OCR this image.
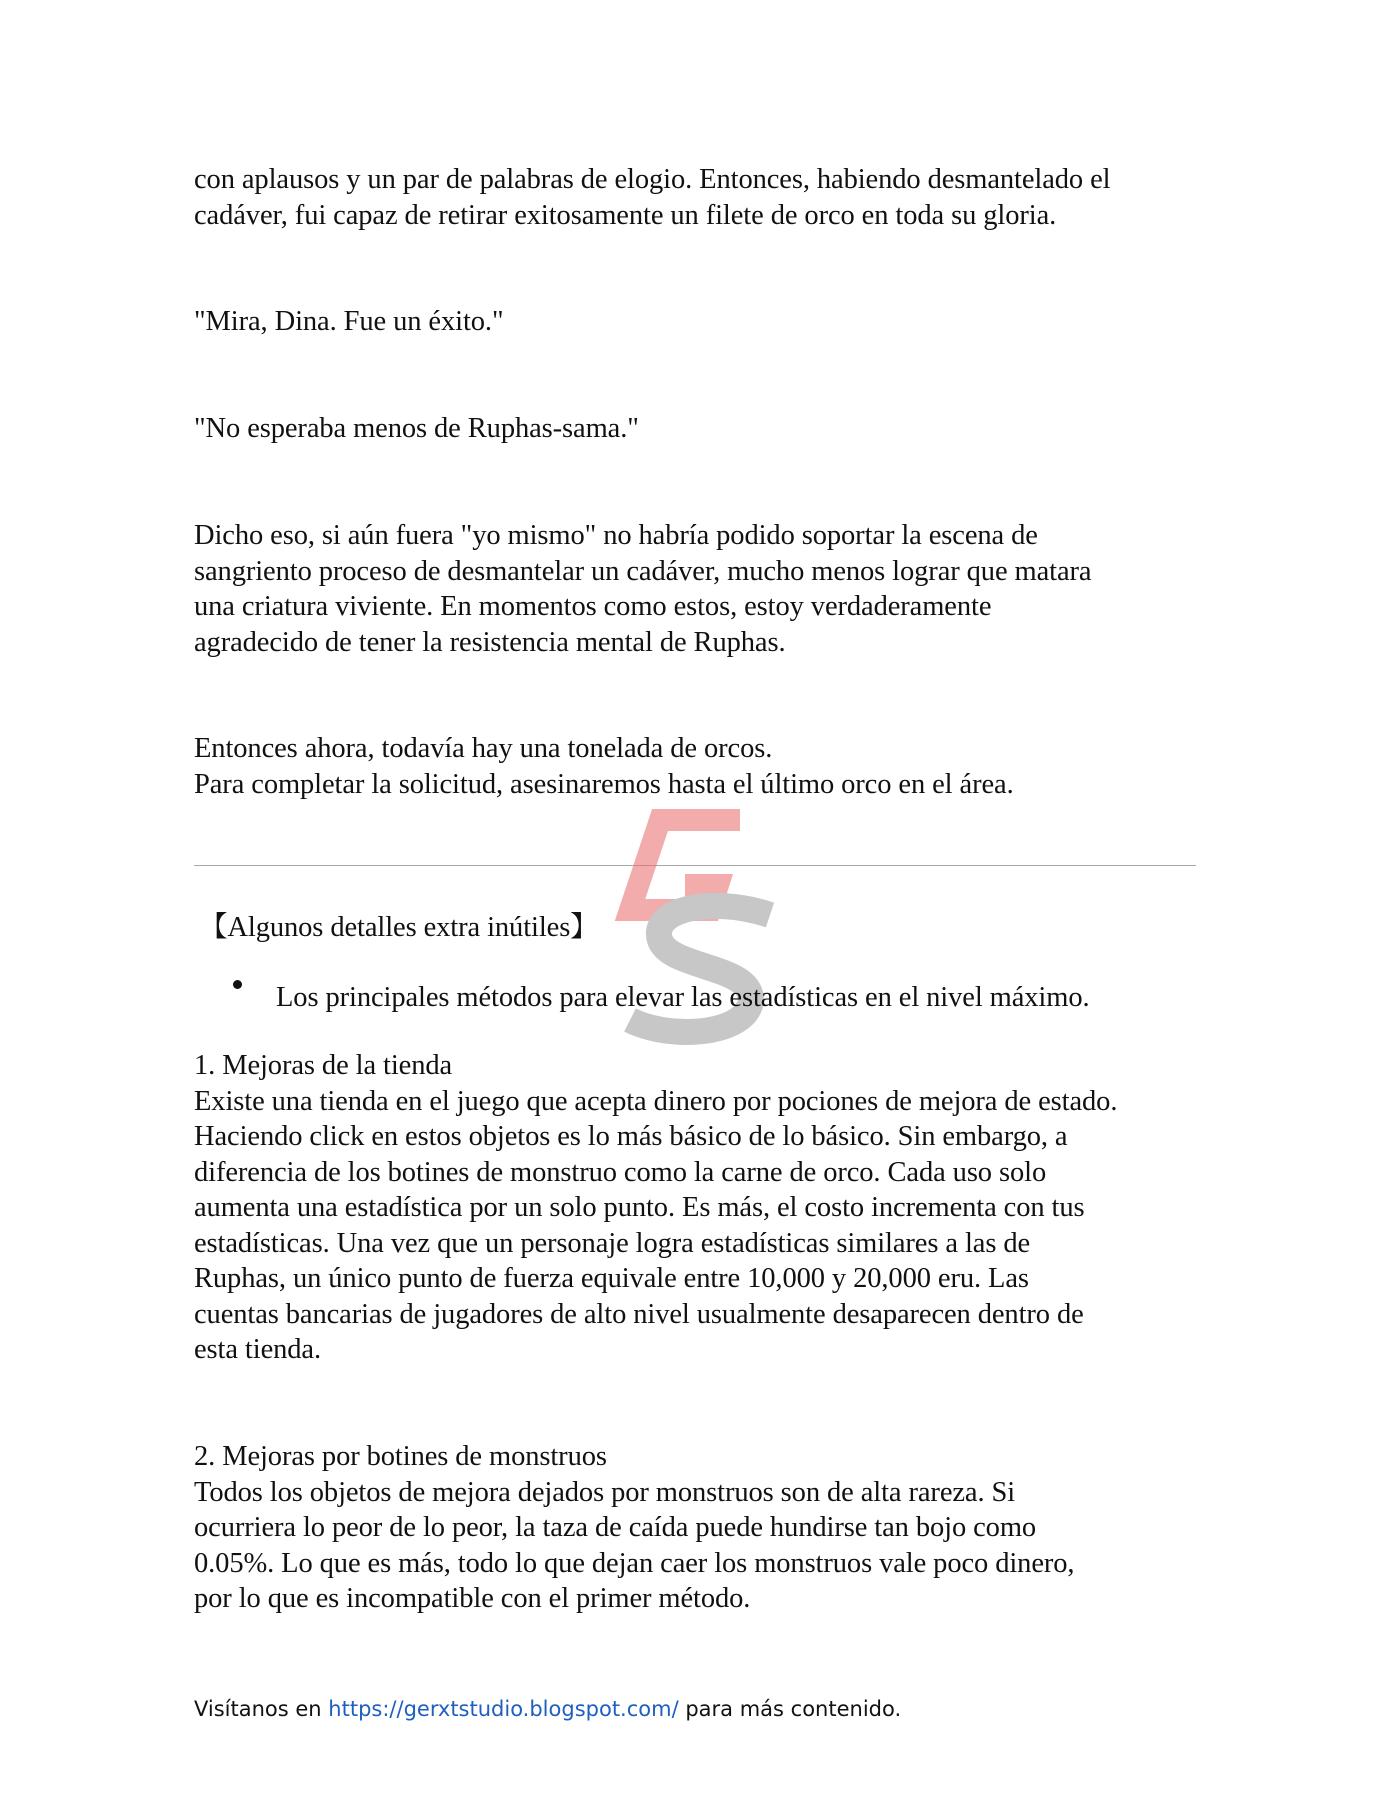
con aplausos y un par de palabras de elogio. Entonces, habiendo desmantelado el
cadáver, fui capaz de retirar exitosamente un filete de orco en toda su gloria.
"Mira, Dina. Fue un éxito."
"No esperaba menos de Ruphas-sama."
Dicho eso, si aún fuera "yo mismo" no habría podido soportar la escena de
sangriento proceso de desmantelar un cadáver, mucho menos lograr que matara
una criatura viviente. En momentos como estos, estoy verdaderamente
agradecido de tener la resistencia mental de Ruphas.
Entonces ahora, todavía hay una tonelada de orcos.
Para completar la solicitud, asesinaremos hasta el último orco en el área.
【Algunos detalles extra inútiles】
Los principales métodos para elevar las estadísticas en el nivel máximo.
1. Mejoras de la tienda
Existe una tienda en el juego que acepta dinero por pociones de mejora de estado.
Haciendo click en estos objetos es lo más básico de lo básico. Sin embargo, a
diferencia de los botines de monstruo como la carne de orco. Cada uso solo
aumenta una estadística por un solo punto. Es más, el costo incrementa con tus
estadísticas. Una vez que un personaje logra estadísticas similares a las de
Ruphas, un único punto de fuerza equivale entre 10,000 y 20,000 eru. Las
cuentas bancarias de jugadores de alto nivel usualmente desaparecen dentro de
esta tienda.
2. Mejoras por botines de monstruos
Todos los objetos de mejora dejados por monstruos son de alta rareza. Si
ocurriera lo peor de lo peor, la taza de caída puede hundirse tan bojo como
0.05%. Lo que es más, todo lo que dejan caer los monstruos vale poco dinero,
por lo que es incompatible con el primer método.
Visítanos en https://gerxtstudio.blogspot.com/ para más contenido.
